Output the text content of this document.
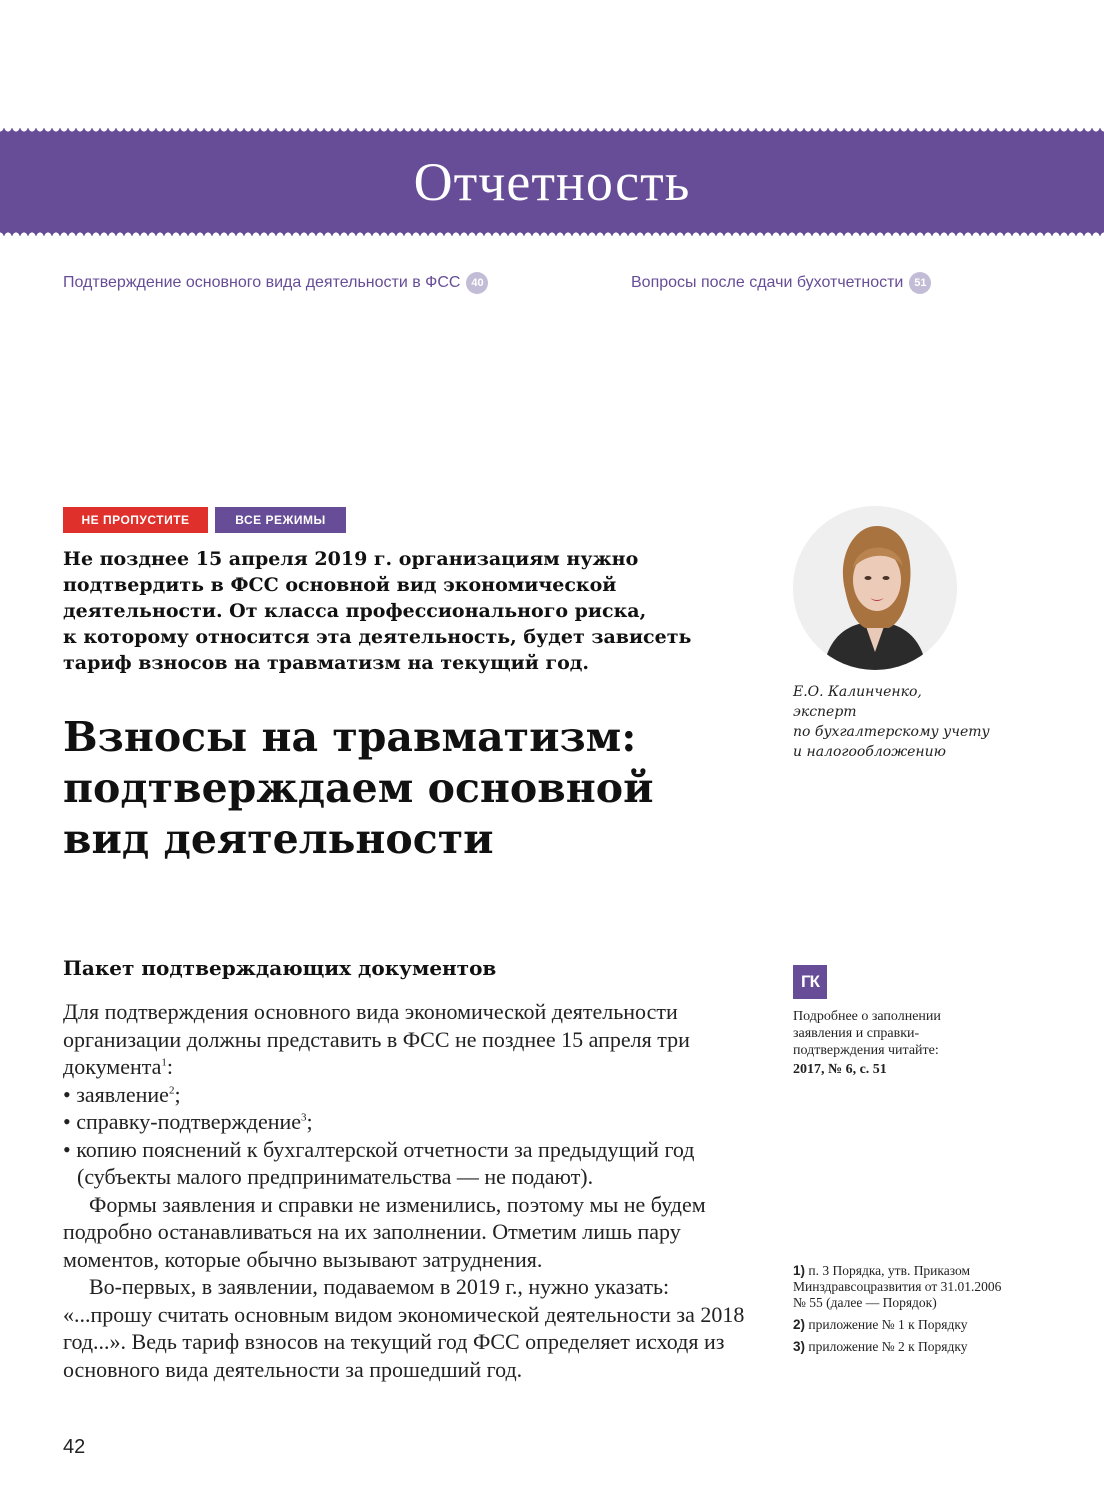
Отчетность
Подтверждение основного вида деятельности в ФСС 40	Вопросы после сдачи бухотчетности 51
НЕ ПРОПУСТИТЕ	ВСЕ РЕЖИМЫ
Не позднее 15 апреля 2019 г. организациям нужно
подтвердить в ФСС основной вид экономической
деятельности. От класса профессионального риска,
к которому относится эта деятельность, будет зависеть
тариф взносов на травматизм на текущий год.
Взносы на травматизм:
подтверждаем основной
вид деятельности
Е.О. Калинченко,
эксперт
по бухгалтерскому учету
и налогообложению
Пакет подтверждающих документов

Для подтверждения основного вида экономической деятельности организации должны представить в ФСС не позднее 15 апреля три документа$^1$:

• заявление$^2$;

• справку-подтверждение$^3$;

• копию пояснений к бухгалтерской отчетности за предыдущий год (субъекты малого предпринимательства — не подают).

Формы заявления и справки не изменились, поэтому мы не будем подробно останавливаться на их заполнении. Отметим лишь пару моментов, которые обычно вызывают затруднения.

Во-первых, в заявлении, подаваемом в 2019 г., нужно указать: «...прошу считать основным видом экономической деятельности за 2018 год...». Ведь тариф взносов на текущий год ФСС определяет исходя из основного вида деятельности за прошедший год.

ГК
Подробнее о заполнении заявления и справки-подтверждения читайте:
2017, № 6, с. 51

1) п. 3 Порядка, утв. Приказом Минздравсоцразвития от 31.01.2006 № 55 (далее — Порядок)

2) приложение № 1 к Порядку

3) приложение № 2 к Порядку

42
